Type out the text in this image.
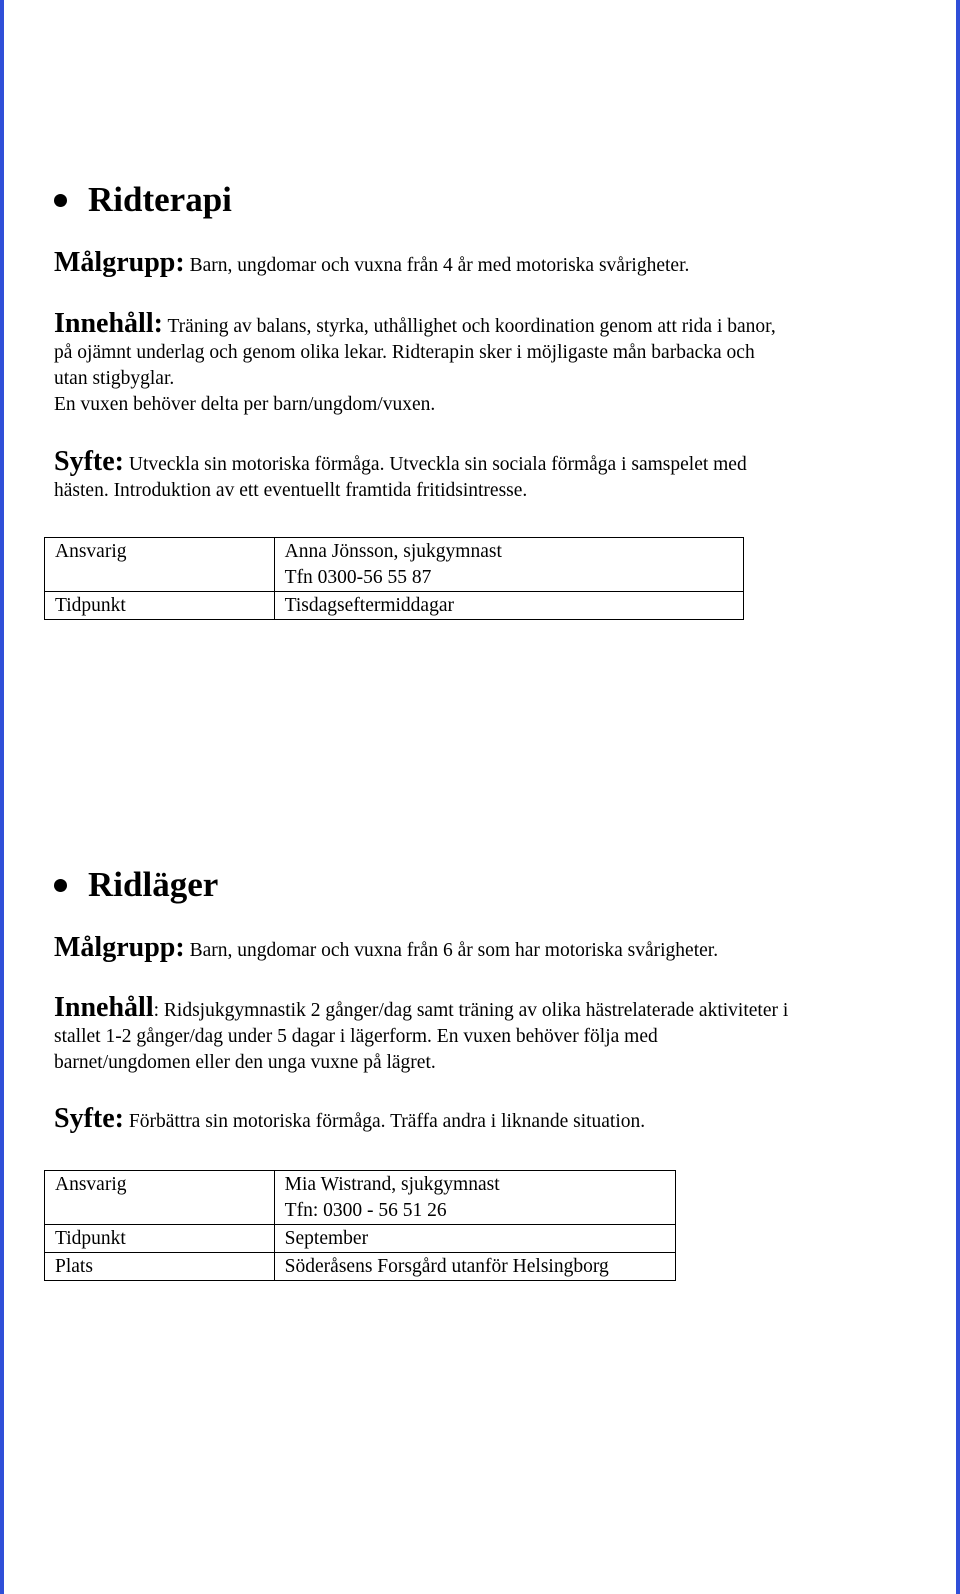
Ridterapi

Målgrupp: Barn, ungdomar och vuxna från 4 år med motoriska svårigheter.

Innehåll: Träning av balans, styrka, uthållighet och koordination genom att rida i banor,
på ojämnt underlag och genom olika lekar. Ridterapin sker i möjligaste mån barbacka och
utan stigbyglar.
En vuxen behöver delta per barn/ungdom/vuxen.

Syfte: Utveckla sin motoriska förmåga. Utveckla sin sociala förmåga i samspelet med
hästen. Introduktion av ett eventuellt framtida fritidsintresse.

Ansvarig	Anna Jönsson, sjukgymnast
Tfn 0300-56 55 87

Tidpunkt	Tisdagseftermiddagar
Ridläger

Målgrupp: Barn, ungdomar och vuxna från 6 år som har motoriska svårigheter.

Innehåll: Ridsjukgymnastik 2 gånger/dag samt träning av olika hästrelaterade aktiviteter i
stallet 1-2 gånger/dag under 5 dagar i lägerform. En vuxen behöver följa med
barnet/ungdomen eller den unga vuxne på lägret.

Syfte: Förbättra sin motoriska förmåga. Träffa andra i liknande situation.

Ansvarig	Mia Wistrand, sjukgymnast
Tfn: 0300 - 56 51 26

Tidpunkt	September

Plats	Söderåsens Forsgård utanför Helsingborg
